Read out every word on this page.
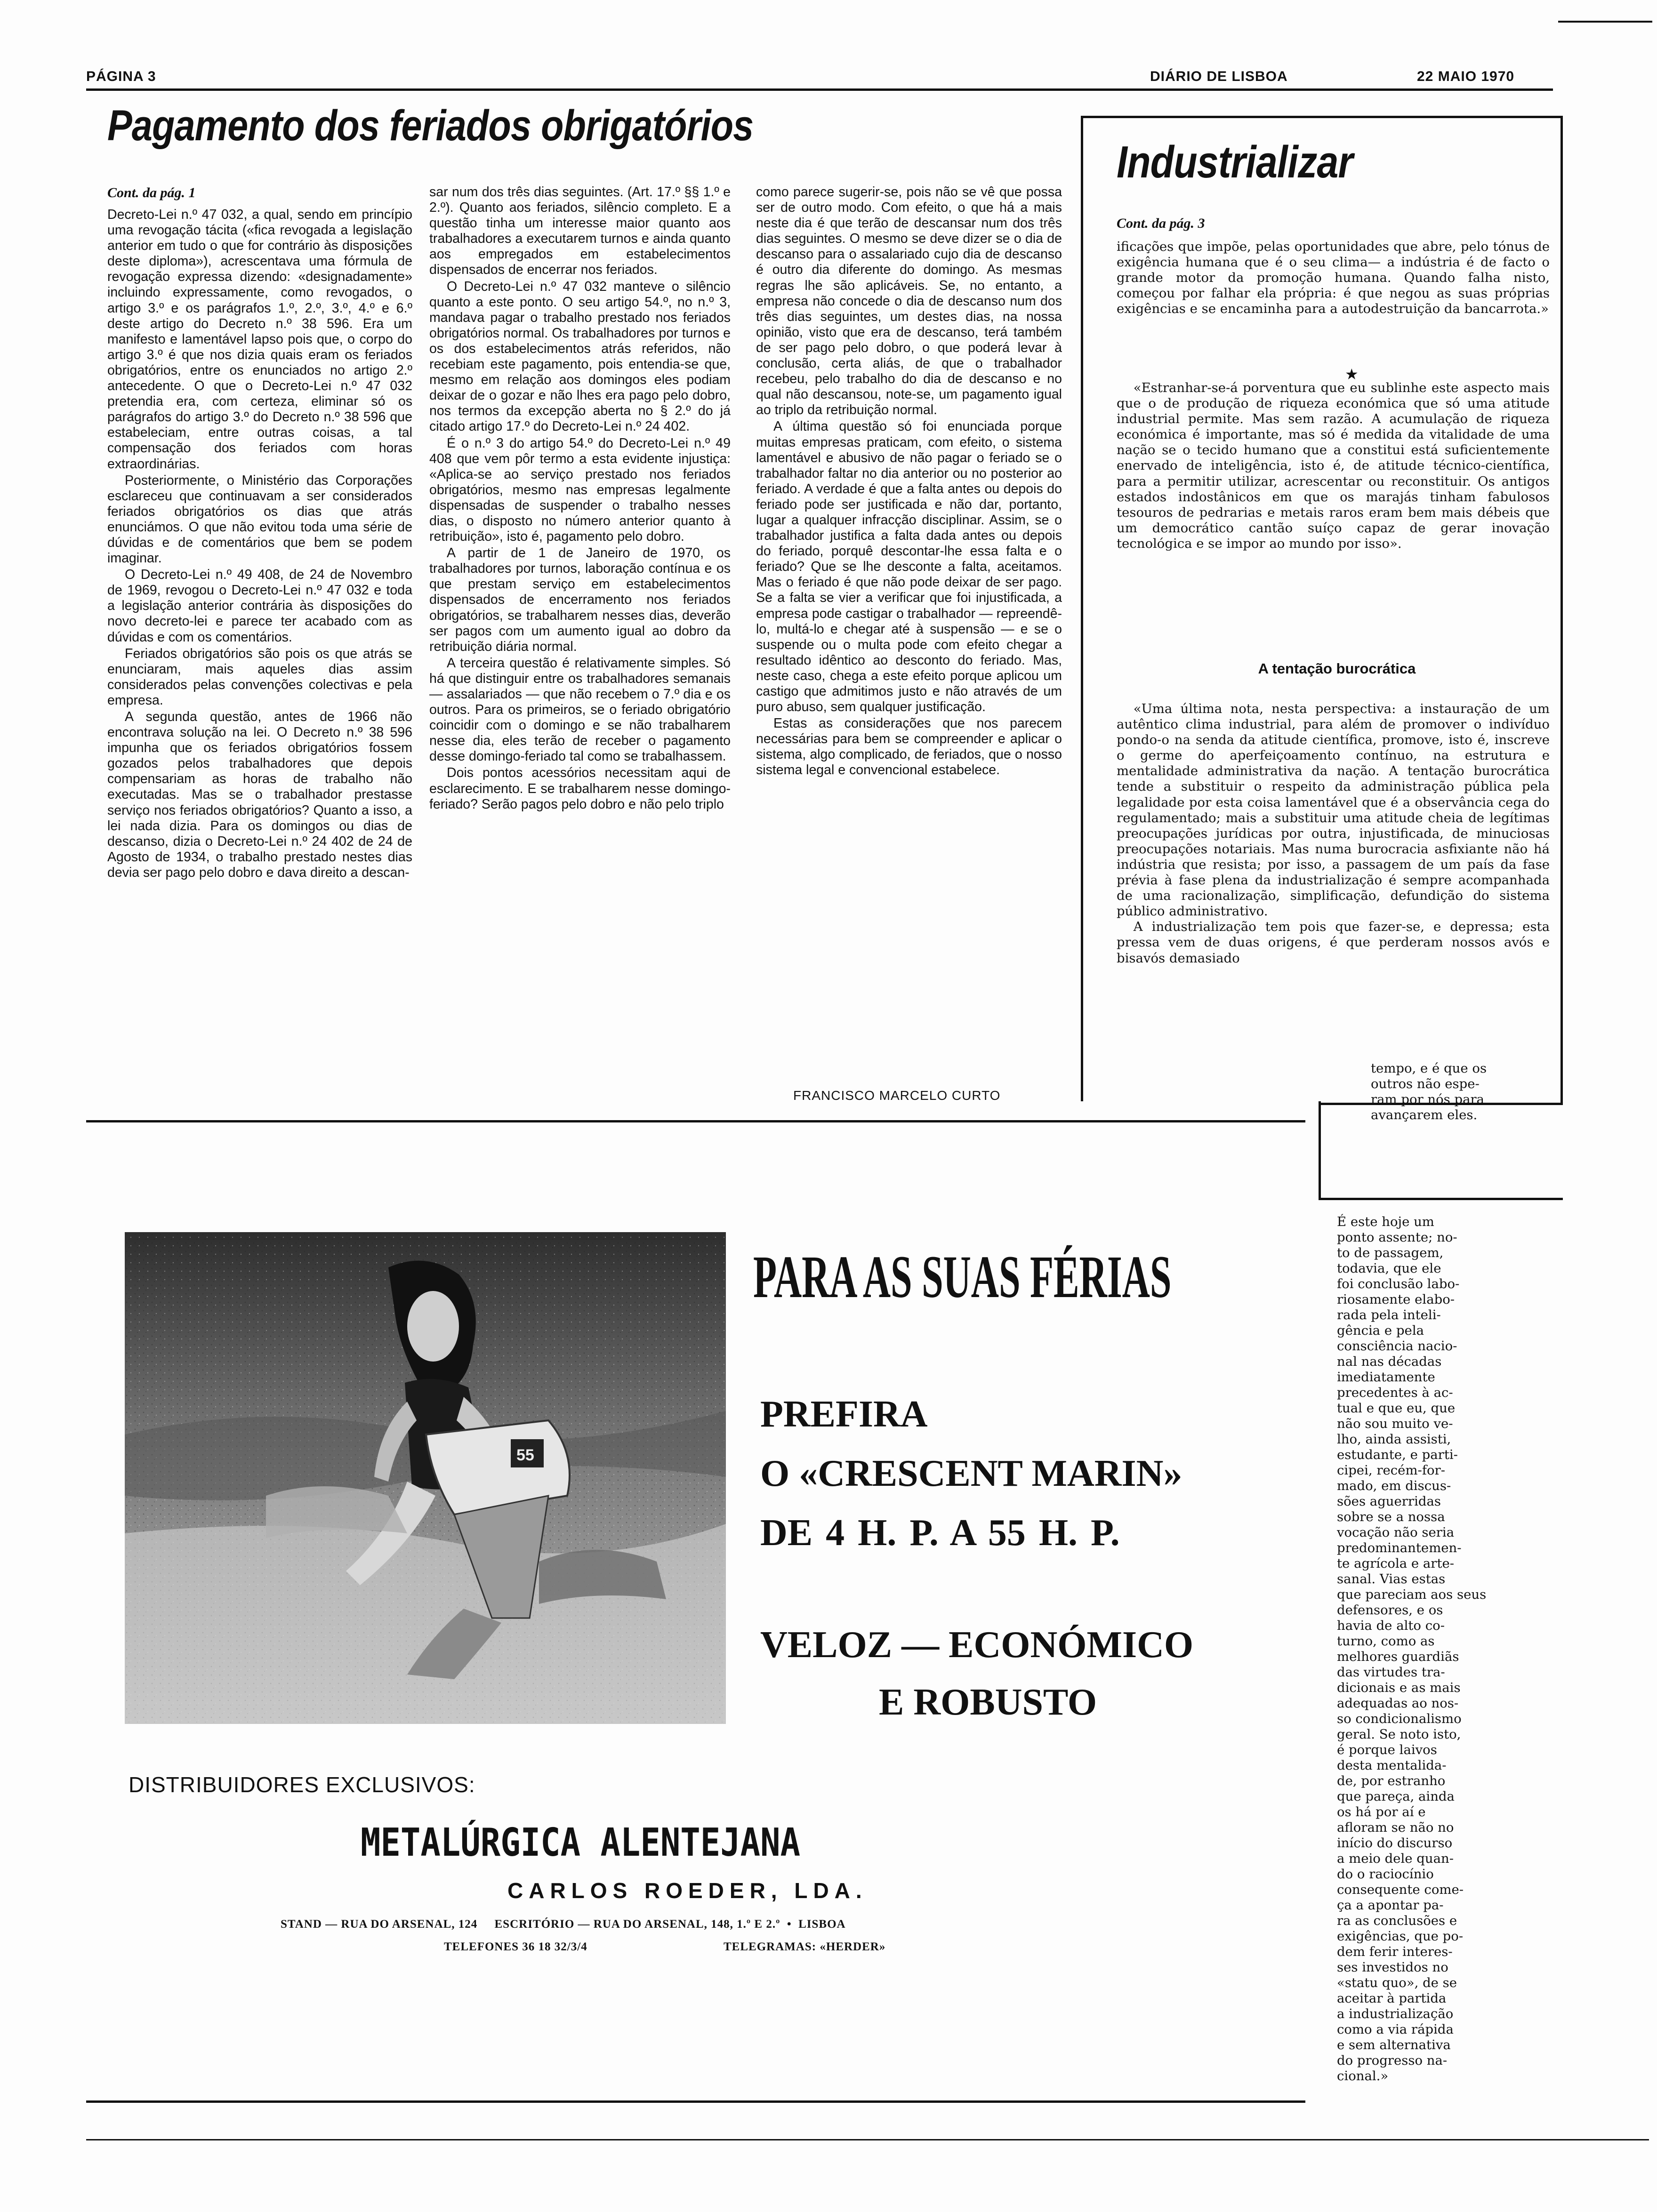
PÁGINA 3	DIÁRIO DE LISBOA	22 MAIO 1970
Pagamento dos feriados obrigatórios
Cont. da pág. 1

Decreto-Lei n.º 47 032, a qual, sendo em princípio uma revogação tácita («fica revogada a legislação anterior em tudo o que for contrário às disposições deste diploma»), acrescentava uma fórmula de revogação expressa dizendo: «designadamente» incluindo expressamente, como revogados, o artigo 3.º e os parágrafos 1.º, 2.º, 3.º, 4.º e 6.º deste artigo do Decreto n.º 38 596. Era um manifesto e lamentável lapso pois que, o corpo do artigo 3.º é que nos dizia quais eram os feriados obrigatórios, entre os enunciados no artigo 2.º antecedente. O que o Decreto-Lei n.º 47 032 pretendia era, com certeza, eliminar só os parágrafos do artigo 3.º do Decreto n.º 38 596 que estabeleciam, entre outras coisas, a tal compensação dos feriados com horas extraordinárias.

Posteriormente, o Ministério das Corporações esclareceu que continuavam a ser considerados feriados obrigatórios os dias que atrás enunciámos. O que não evitou toda uma série de dúvidas e de comentários que bem se podem imaginar.

O Decreto-Lei n.º 49 408, de 24 de Novembro de 1969, revogou o Decreto-Lei n.º 47 032 e toda a legislação anterior contrária às disposições do novo decreto-lei e parece ter acabado com as dúvidas e com os comentários.

Feriados obrigatórios são pois os que atrás se enunciaram, mais aqueles dias assim considerados pelas convenções colectivas e pela empresa.

A segunda questão, antes de 1966 não encontrava solução na lei. O Decreto n.º 38 596 impunha que os feriados obrigatórios fossem gozados pelos trabalhadores que depois compensariam as horas de trabalho não executadas. Mas se o trabalhador prestasse serviço nos feriados obrigatórios? Quanto a isso, a lei nada dizia. Para os domingos ou dias de descanso, dizia o Decreto-Lei n.º 24 402 de 24 de Agosto de 1934, o trabalho prestado nestes dias devia ser pago pelo dobro e dava direito a descan-

sar num dos três dias seguintes. (Art. 17.º §§ 1.º e 2.º). Quanto aos feriados, silêncio completo. E a questão tinha um interesse maior quanto aos trabalhadores a executarem turnos e ainda quanto aos empregados em estabelecimentos dispensados de encerrar nos feriados.

O Decreto-Lei n.º 47 032 manteve o silêncio quanto a este ponto. O seu artigo 54.º, no n.º 3, mandava pagar o trabalho prestado nos feriados obrigatórios normal. Os trabalhadores por turnos e os dos estabelecimentos atrás referidos, não recebiam este pagamento, pois entendia-se que, mesmo em relação aos domingos eles podiam deixar de o gozar e não lhes era pago pelo dobro, nos termos da excepção aberta no § 2.º do já citado artigo 17.º do Decreto-Lei n.º 24 402.

É o n.º 3 do artigo 54.º do Decreto-Lei n.º 49 408 que vem pôr termo a esta evidente injustiça: «Aplica-se ao serviço prestado nos feriados obrigatórios, mesmo nas empresas legalmente dispensadas de suspender o trabalho nesses dias, o disposto no número anterior quanto à retribuição», isto é, pagamento pelo dobro.

A partir de 1 de Janeiro de 1970, os trabalhadores por turnos, laboração contínua e os que prestam serviço em estabelecimentos dispensados de encerramento nos feriados obrigatórios, se trabalharem nesses dias, deverão ser pagos com um aumento igual ao dobro da retribuição diária normal.

A terceira questão é relativamente simples. Só há que distinguir entre os trabalhadores semanais — assalariados — que não recebem o 7.º dia e os outros. Para os primeiros, se o feriado obrigatório coincidir com o domingo e se não trabalharem nesse dia, eles terão de receber o pagamento desse domingo-feriado tal como se trabalhassem.

Dois pontos acessórios necessitam aqui de esclarecimento. E se trabalharem nesse domingo-feriado? Serão pagos pelo dobro e não pelo triplo

como parece sugerir-se, pois não se vê que possa ser de outro modo. Com efeito, o que há a mais neste dia é que terão de descansar num dos três dias seguintes. O mesmo se deve dizer se o dia de descanso para o assalariado cujo dia de descanso é outro dia diferente do domingo. As mesmas regras lhe são aplicáveis. Se, no entanto, a empresa não concede o dia de descanso num dos três dias seguintes, um destes dias, na nossa opinião, visto que era de descanso, terá também de ser pago pelo dobro, o que poderá levar à conclusão, certa aliás, de que o trabalhador recebeu, pelo trabalho do dia de descanso e no qual não descansou, note-se, um pagamento igual ao triplo da retribuição normal.

A última questão só foi enunciada porque muitas empresas praticam, com efeito, o sistema lamentável e abusivo de não pagar o feriado se o trabalhador faltar no dia anterior ou no posterior ao feriado. A verdade é que a falta antes ou depois do feriado pode ser justificada e não dar, portanto, lugar a qualquer infracção disciplinar. Assim, se o trabalhador justifica a falta dada antes ou depois do feriado, porquê descontar-lhe essa falta e o feriado? Que se lhe desconte a falta, aceitamos. Mas o feriado é que não pode deixar de ser pago. Se a falta se vier a verificar que foi injustificada, a empresa pode castigar o trabalhador — repreendê-lo, multá-lo e chegar até à suspensão — e se o suspende ou o multa pode com efeito chegar a resultado idêntico ao desconto do feriado. Mas, neste caso, chega a este efeito porque aplicou um castigo que admitimos justo e não através de um puro abuso, sem qualquer justificação.

Estas as considerações que nos parecem necessárias para bem se compreender e aplicar o sistema, algo complicado, de feriados, que o nosso sistema legal e convencional estabelece.

FRANCISCO MARCELO CURTO
Industrializar
Cont. da pág. 3

ificações que impõe, pelas oportunidades que abre, pelo tónus de exigência humana que é o seu clima— a indústria é de facto o grande motor da promoção humana. Quando falha nisto, começou por falhar ela própria: é que negou as suas próprias exigências e se encaminha para a autodestruição da bancarrota.»

★

«Estranhar-se-á porventura que eu sublinhe este aspecto mais que o de produção de riqueza económica que só uma atitude industrial permite. Mas sem razão. A acumulação de riqueza económica é importante, mas só é medida da vitalidade de uma nação se o tecido humano que a constitui está suficientemente enervado de inteligência, isto é, de atitude técnico-científica, para a permitir utilizar, acrescentar ou reconstituir. Os antigos estados indostânicos em que os marajás tinham fabulosos tesouros de pedrarias e metais raros eram bem mais débeis que um democrático cantão suíço capaz de gerar inovação tecnológica e se impor ao mundo por isso».

A tentação burocrática

«Uma última nota, nesta perspectiva: a instauração de um autêntico clima industrial, para além de promover o indivíduo pondo-o na senda da atitude científica, promove, isto é, inscreve o germe do aperfeiçoamento contínuo, na estrutura e mentalidade administrativa da nação. A tentação burocrática tende a substituir o respeito da administração pública pela legalidade por esta coisa lamentável que é a observância cega do regulamentado; mais a substituir uma atitude cheia de legítimas preocupações jurídicas por outra, injustificada, de minuciosas preocupações notariais. Mas numa burocracia asfixiante não há indústria que resista; por isso, a passagem de um país da fase prévia à fase plena da industrialização é sempre acompanhada de uma racionalização, simplificação, defundição do sistema público administrativo.

A industrialização tem pois que fazer-se, e depressa; esta pressa vem de duas origens, é que perderam nossos avós e bisavós demasiado

tempo, e é que os
outros não espe-
ram por nós para
avançarem eles.
É este hoje um
ponto assente; no-
to de passagem,
todavia, que ele
foi conclusão labo-
riosamente elabo-
rada pela inteli-
gência e pela
consciência nacio-
nal nas décadas
imediatamente
precedentes à ac-
tual e que eu, que
não sou muito ve-
lho, ainda assisti,
estudante, e parti-
cipei, recém-for-
mado, em discus-
sões aguerridas
sobre se a nossa
vocação não seria
predominantemen-
te agrícola e arte-
sanal. Vias estas
que pareciam aos seus
defensores, e os
havia de alto co-
turno, como as
melhores guardiãs
das virtudes tra-
dicionais e as mais
adequadas ao nos-
so condicionalismo
geral. Se noto isto,
é porque laivos
desta mentalida-
de, por estranho
que pareça, ainda
os há por aí e
afloram se não no
início do discurso
a meio dele quan-
do o raciocínio
consequente come-
ça a apontar pa-
ra as conclusões e
exigências, que po-
dem ferir interes-
ses investidos no
«statu quo», de se
aceitar à partida
a industrialização
como a via rápida
e sem alternativa
do progresso na-
cional.»
55
PARA AS SUAS FÉRIAS
PREFIRA
O «CRESCENT MARIN»
DE 4 H. P. A 55 H. P.
VELOZ — ECONÓMICO
E ROBUSTO
DISTRIBUIDORES EXCLUSIVOS:
METALÚRGICA ALENTEJANA
CARLOS ROEDER, LDA.
STAND — RUA DO ARSENAL, 124     ESCRITÓRIO — RUA DO ARSENAL, 148, 1.º E 2.º  •  LISBOA
TELEFONES 36 18 32/3/4	TELEGRAMAS: «HERDER»
